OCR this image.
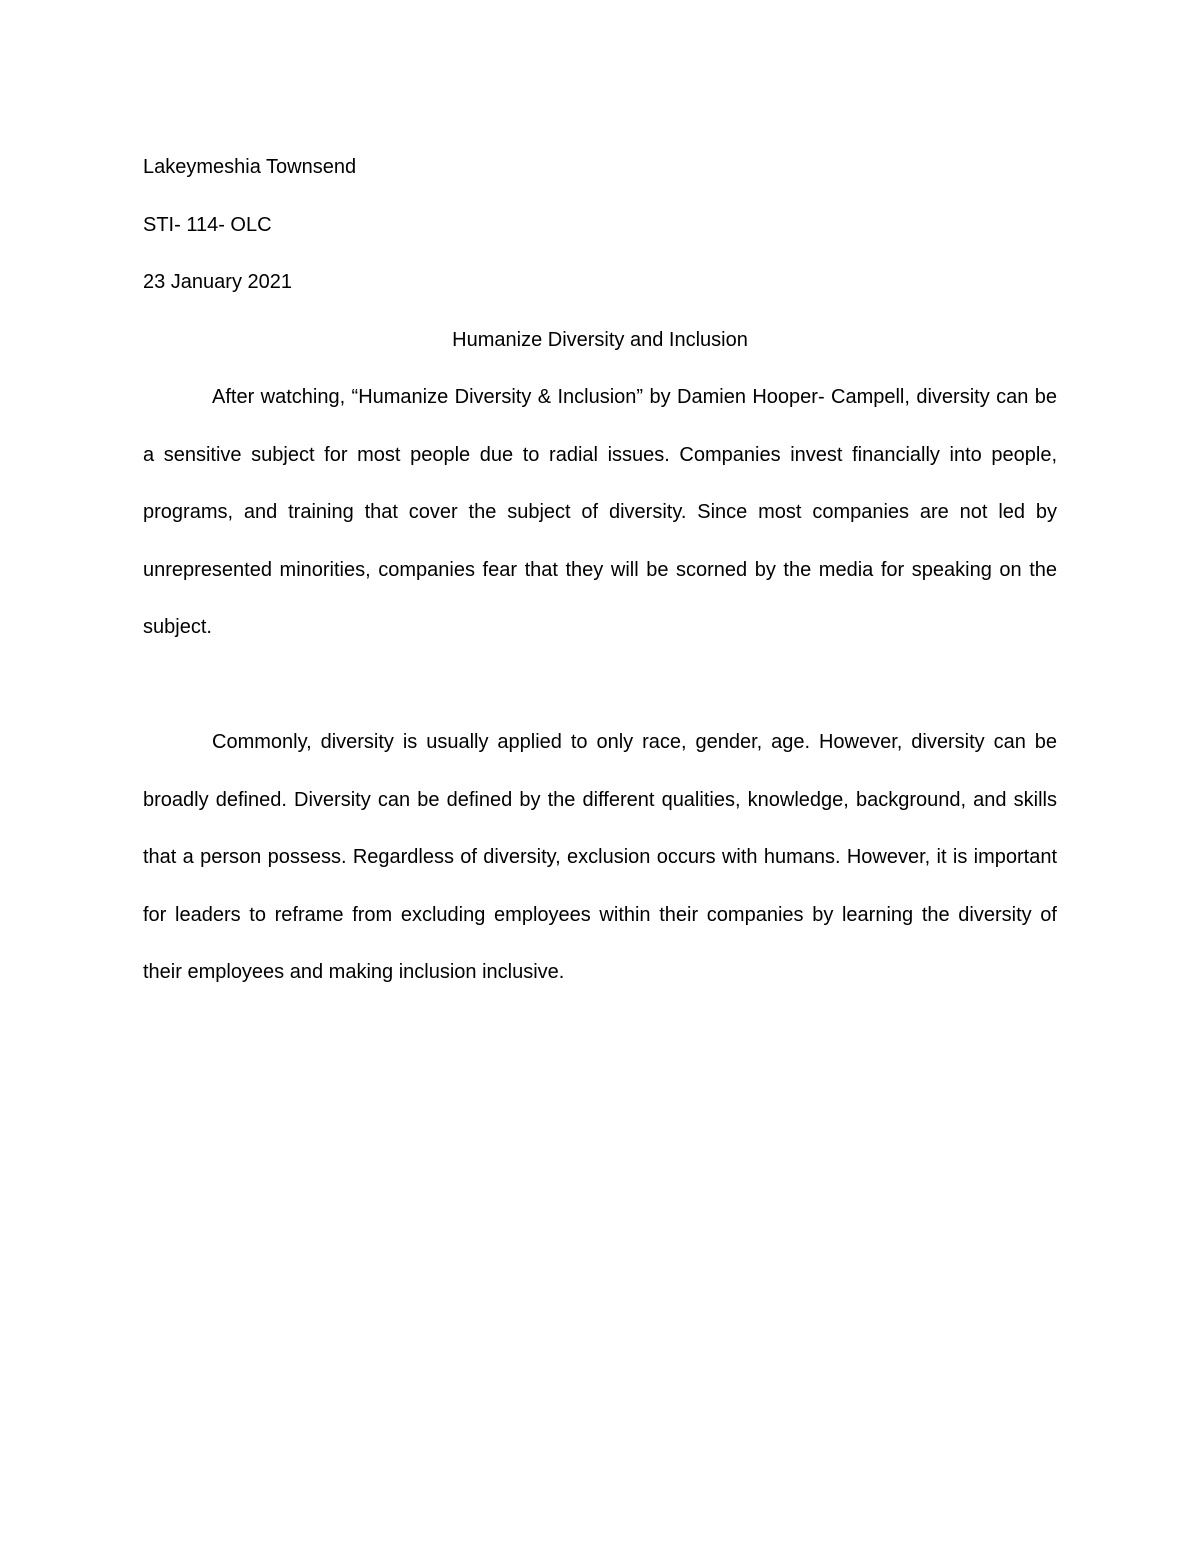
Lakeymeshia Townsend

STI- 114- OLC

23 January 2021

Humanize Diversity and Inclusion

After watching, “Humanize Diversity & Inclusion” by Damien Hooper- Campell, diversity can be a sensitive subject for most people due to radial issues. Companies invest financially into people, programs, and training that cover the subject of diversity. Since most companies are not led by unrepresented minorities, companies fear that they will be scorned by the media for speaking on the subject.

Commonly, diversity is usually applied to only race, gender, age. However, diversity can be broadly defined. Diversity can be defined by the different qualities, knowledge, background, and skills that a person possess. Regardless of diversity, exclusion occurs with humans. However, it is important for leaders to reframe from excluding employees within their companies by learning the diversity of their employees and making inclusion inclusive.
